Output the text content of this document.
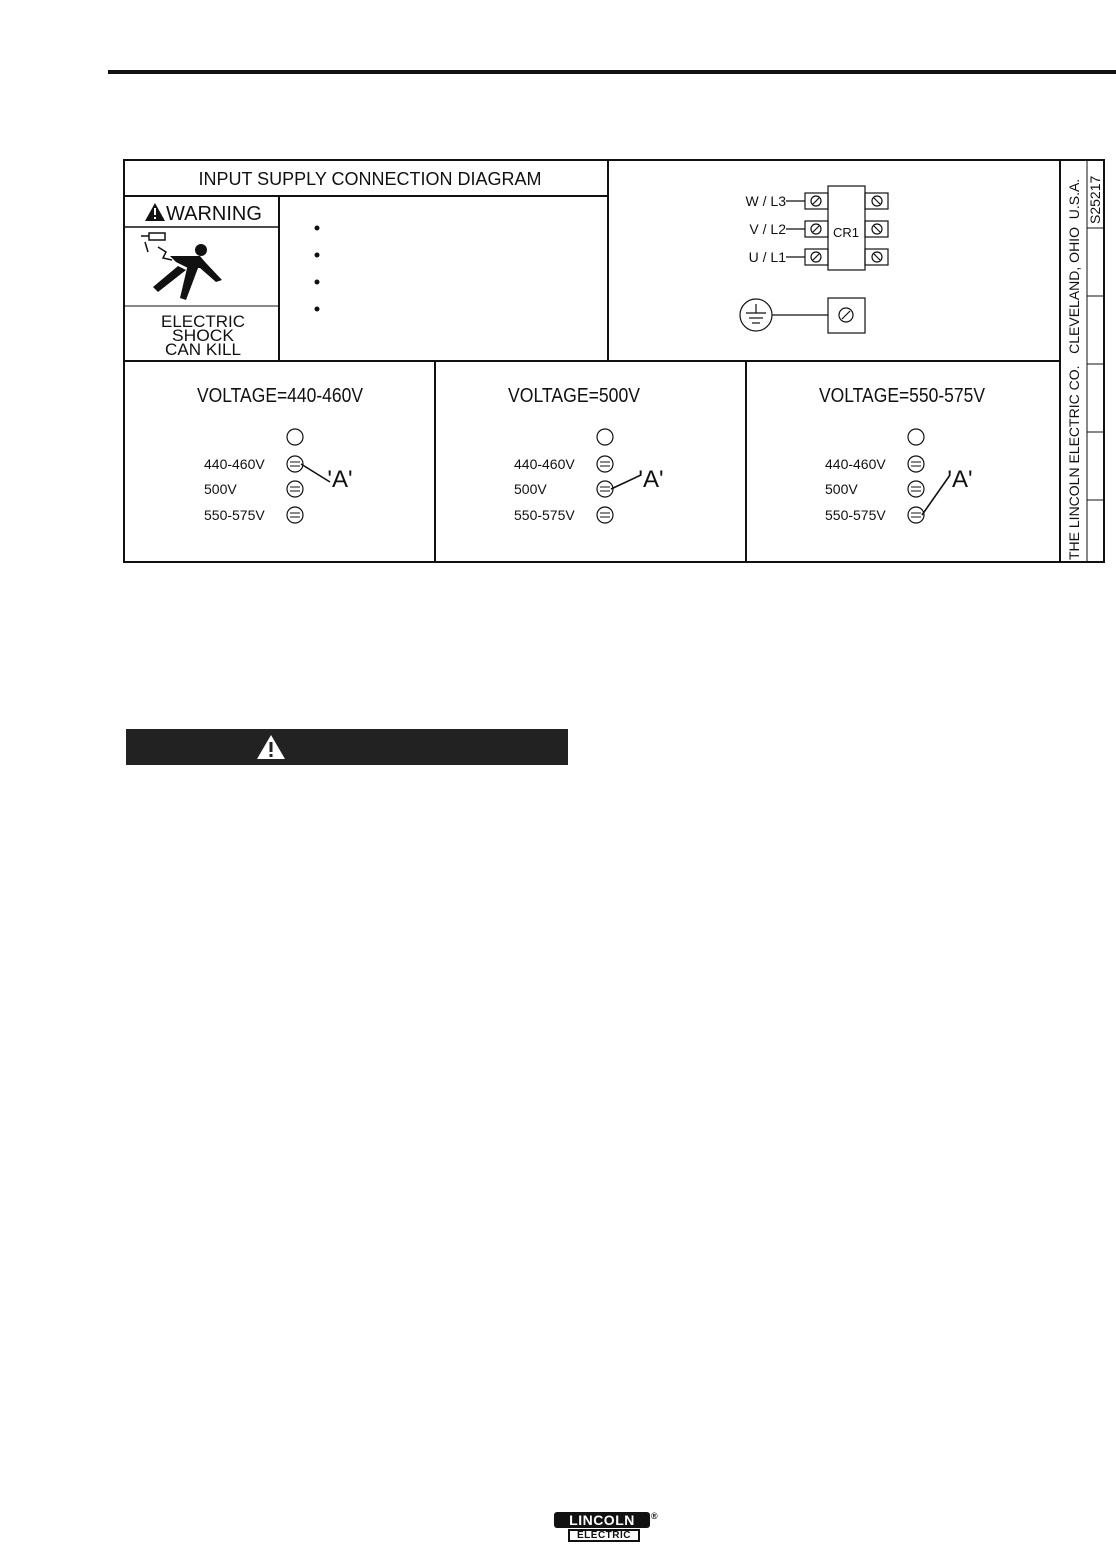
INPUT SUPPLY CONNECTION DIAGRAM
WARNING
ELECTRIC
SHOCK
CAN KILL
W / L3
V / L2
U / L1
CR1	THE LINCOLN ELECTRIC CO.   CLEVELAND, OHIO  U.S.A. S25217
VOLTAGE=440-460V
440-460V
500V
550-575V
'A'
VOLTAGE=500V
440-460V
500V
550-575V
'A'
VOLTAGE=550-575V
440-460V
500V
550-575V
'A'
LINCOLN
ELECTRIC
®
